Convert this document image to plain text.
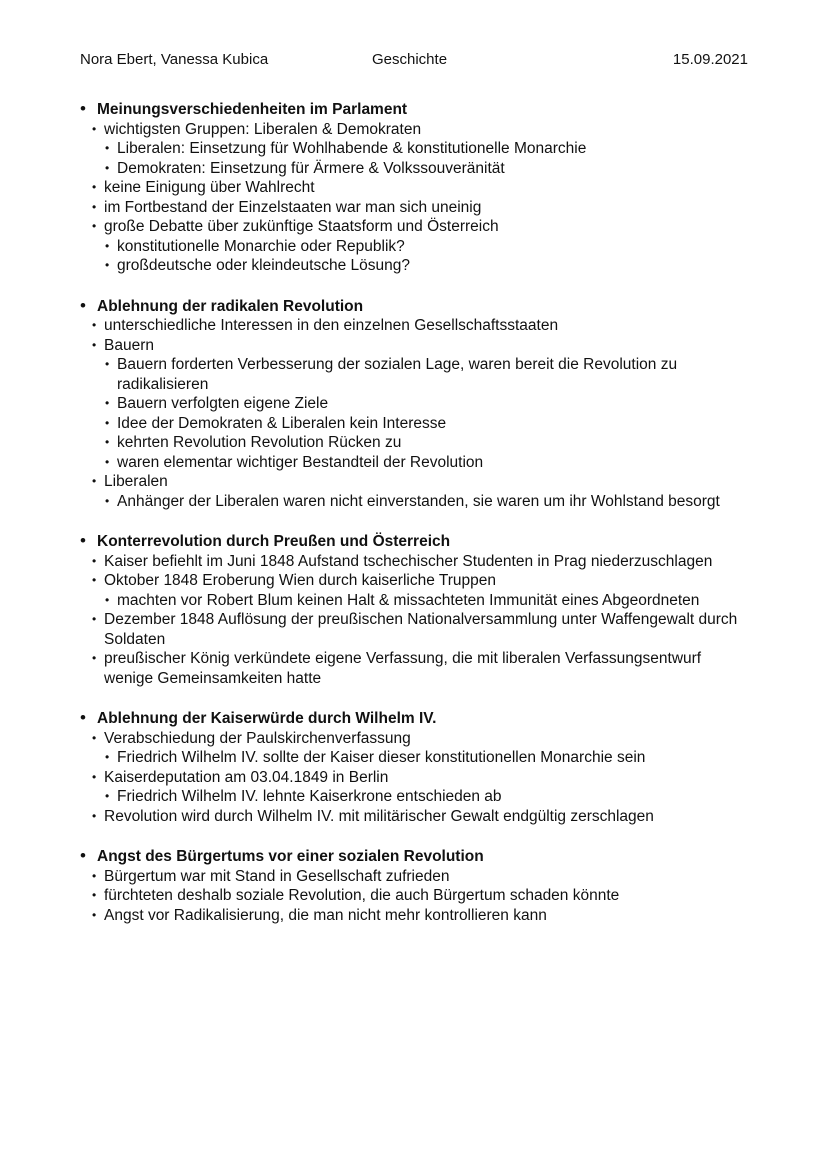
Nora Ebert, Vanessa Kubica	Geschichte	15.09.2021
• Meinungsverschiedenheiten im Parlament
• wichtigsten Gruppen: Liberalen & Demokraten
• Liberalen: Einsetzung für Wohlhabende & konstitutionelle Monarchie
• Demokraten: Einsetzung für Ärmere & Volkssouveränität
• keine Einigung über Wahlrecht
• im Fortbestand der Einzelstaaten war man sich uneinig
• große Debatte über zukünftige Staatsform und Österreich
• konstitutionelle Monarchie oder Republik?
• großdeutsche oder kleindeutsche Lösung?
• Ablehnung der radikalen Revolution
• unterschiedliche Interessen in den einzelnen Gesellschaftsstaaten
• Bauern
• Bauern forderten Verbesserung der sozialen Lage, waren bereit die Revolution zu radikalisieren
• Bauern verfolgten eigene Ziele
• Idee der Demokraten & Liberalen kein Interesse
• kehrten Revolution Revolution Rücken zu
• waren elementar wichtiger Bestandteil der Revolution
• Liberalen
• Anhänger der Liberalen waren nicht einverstanden, sie waren um ihr Wohlstand besorgt
• Konterrevolution durch Preußen und Österreich
• Kaiser befiehlt im Juni 1848 Aufstand tschechischer Studenten in Prag niederzuschlagen
• Oktober 1848 Eroberung Wien durch kaiserliche Truppen
• machten vor Robert Blum keinen Halt & missachteten Immunität eines Abgeordneten
• Dezember 1848 Auflösung der preußischen Nationalversammlung unter Waffengewalt durch Soldaten
• preußischer König verkündete eigene Verfassung, die mit liberalen Verfassungsentwurf wenige Gemeinsamkeiten hatte
• Ablehnung der Kaiserwürde durch Wilhelm IV.
• Verabschiedung der Paulskirchenverfassung
• Friedrich Wilhelm IV. sollte der Kaiser dieser konstitutionellen Monarchie sein
• Kaiserdeputation am 03.04.1849 in Berlin
• Friedrich Wilhelm IV. lehnte Kaiserkrone entschieden ab
• Revolution wird durch Wilhelm IV. mit militärischer Gewalt endgültig zerschlagen
• Angst des Bürgertums vor einer sozialen Revolution
• Bürgertum war mit Stand in Gesellschaft zufrieden
• fürchteten deshalb soziale Revolution, die auch Bürgertum schaden könnte
• Angst vor Radikalisierung, die man nicht mehr kontrollieren kann
